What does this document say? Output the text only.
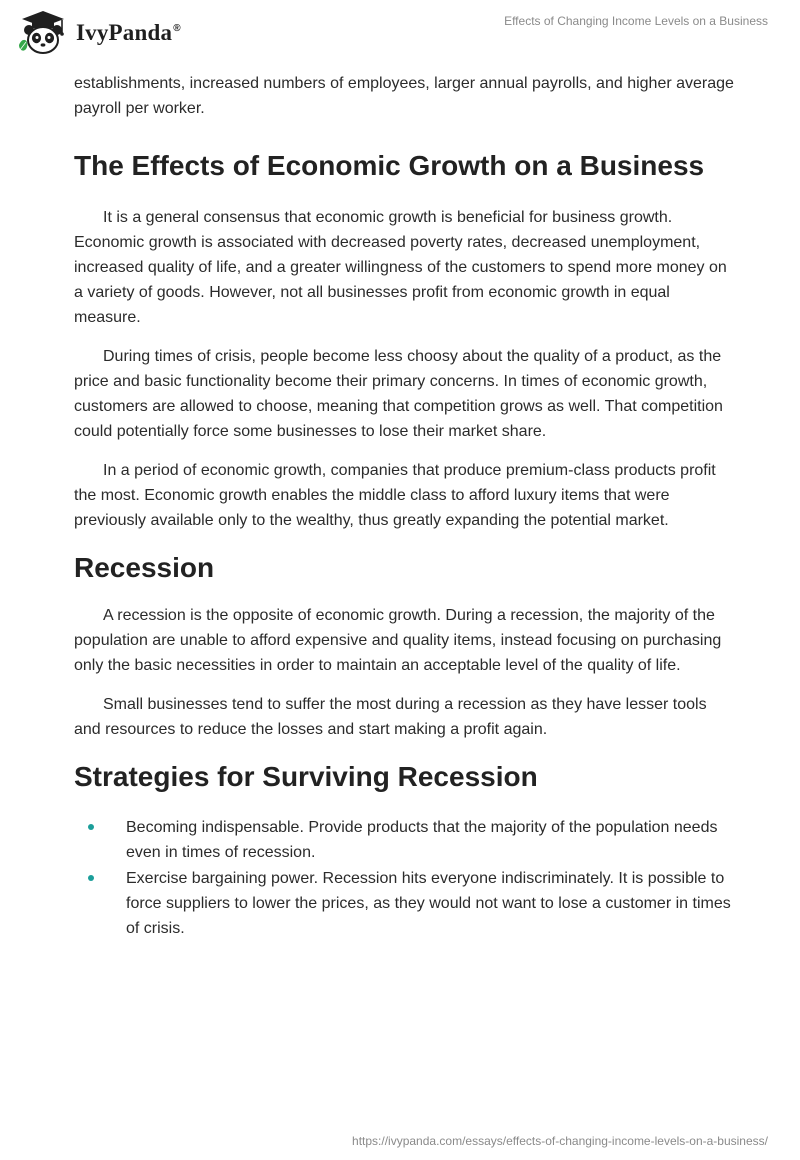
IvyPanda®
Effects of Changing Income Levels on a Business

establishments, increased numbers of employees, larger annual payrolls, and higher average payroll per worker.

The Effects of Economic Growth on a Business

It is a general consensus that economic growth is beneficial for business growth. Economic growth is associated with decreased poverty rates, decreased unemployment, increased quality of life, and a greater willingness of the customers to spend more money on a variety of goods. However, not all businesses profit from economic growth in equal measure.

During times of crisis, people become less choosy about the quality of a product, as the price and basic functionality become their primary concerns. In times of economic growth, customers are allowed to choose, meaning that competition grows as well. That competition could potentially force some businesses to lose their market share.

In a period of economic growth, companies that produce premium-class products profit the most. Economic growth enables the middle class to afford luxury items that were previously available only to the wealthy, thus greatly expanding the potential market.

Recession

A recession is the opposite of economic growth. During a recession, the majority of the population are unable to afford expensive and quality items, instead focusing on purchasing only the basic necessities in order to maintain an acceptable level of the quality of life.

Small businesses tend to suffer the most during a recession as they have lesser tools and resources to reduce the losses and start making a profit again.

Strategies for Surviving Recession
Becoming indispensable. Provide products that the majority of the population needs even in times of recession.
Exercise bargaining power. Recession hits everyone indiscriminately. It is possible to force suppliers to lower the prices, as they would not want to lose a customer in times of crisis.
https://ivypanda.com/essays/effects-of-changing-income-levels-on-a-business/
